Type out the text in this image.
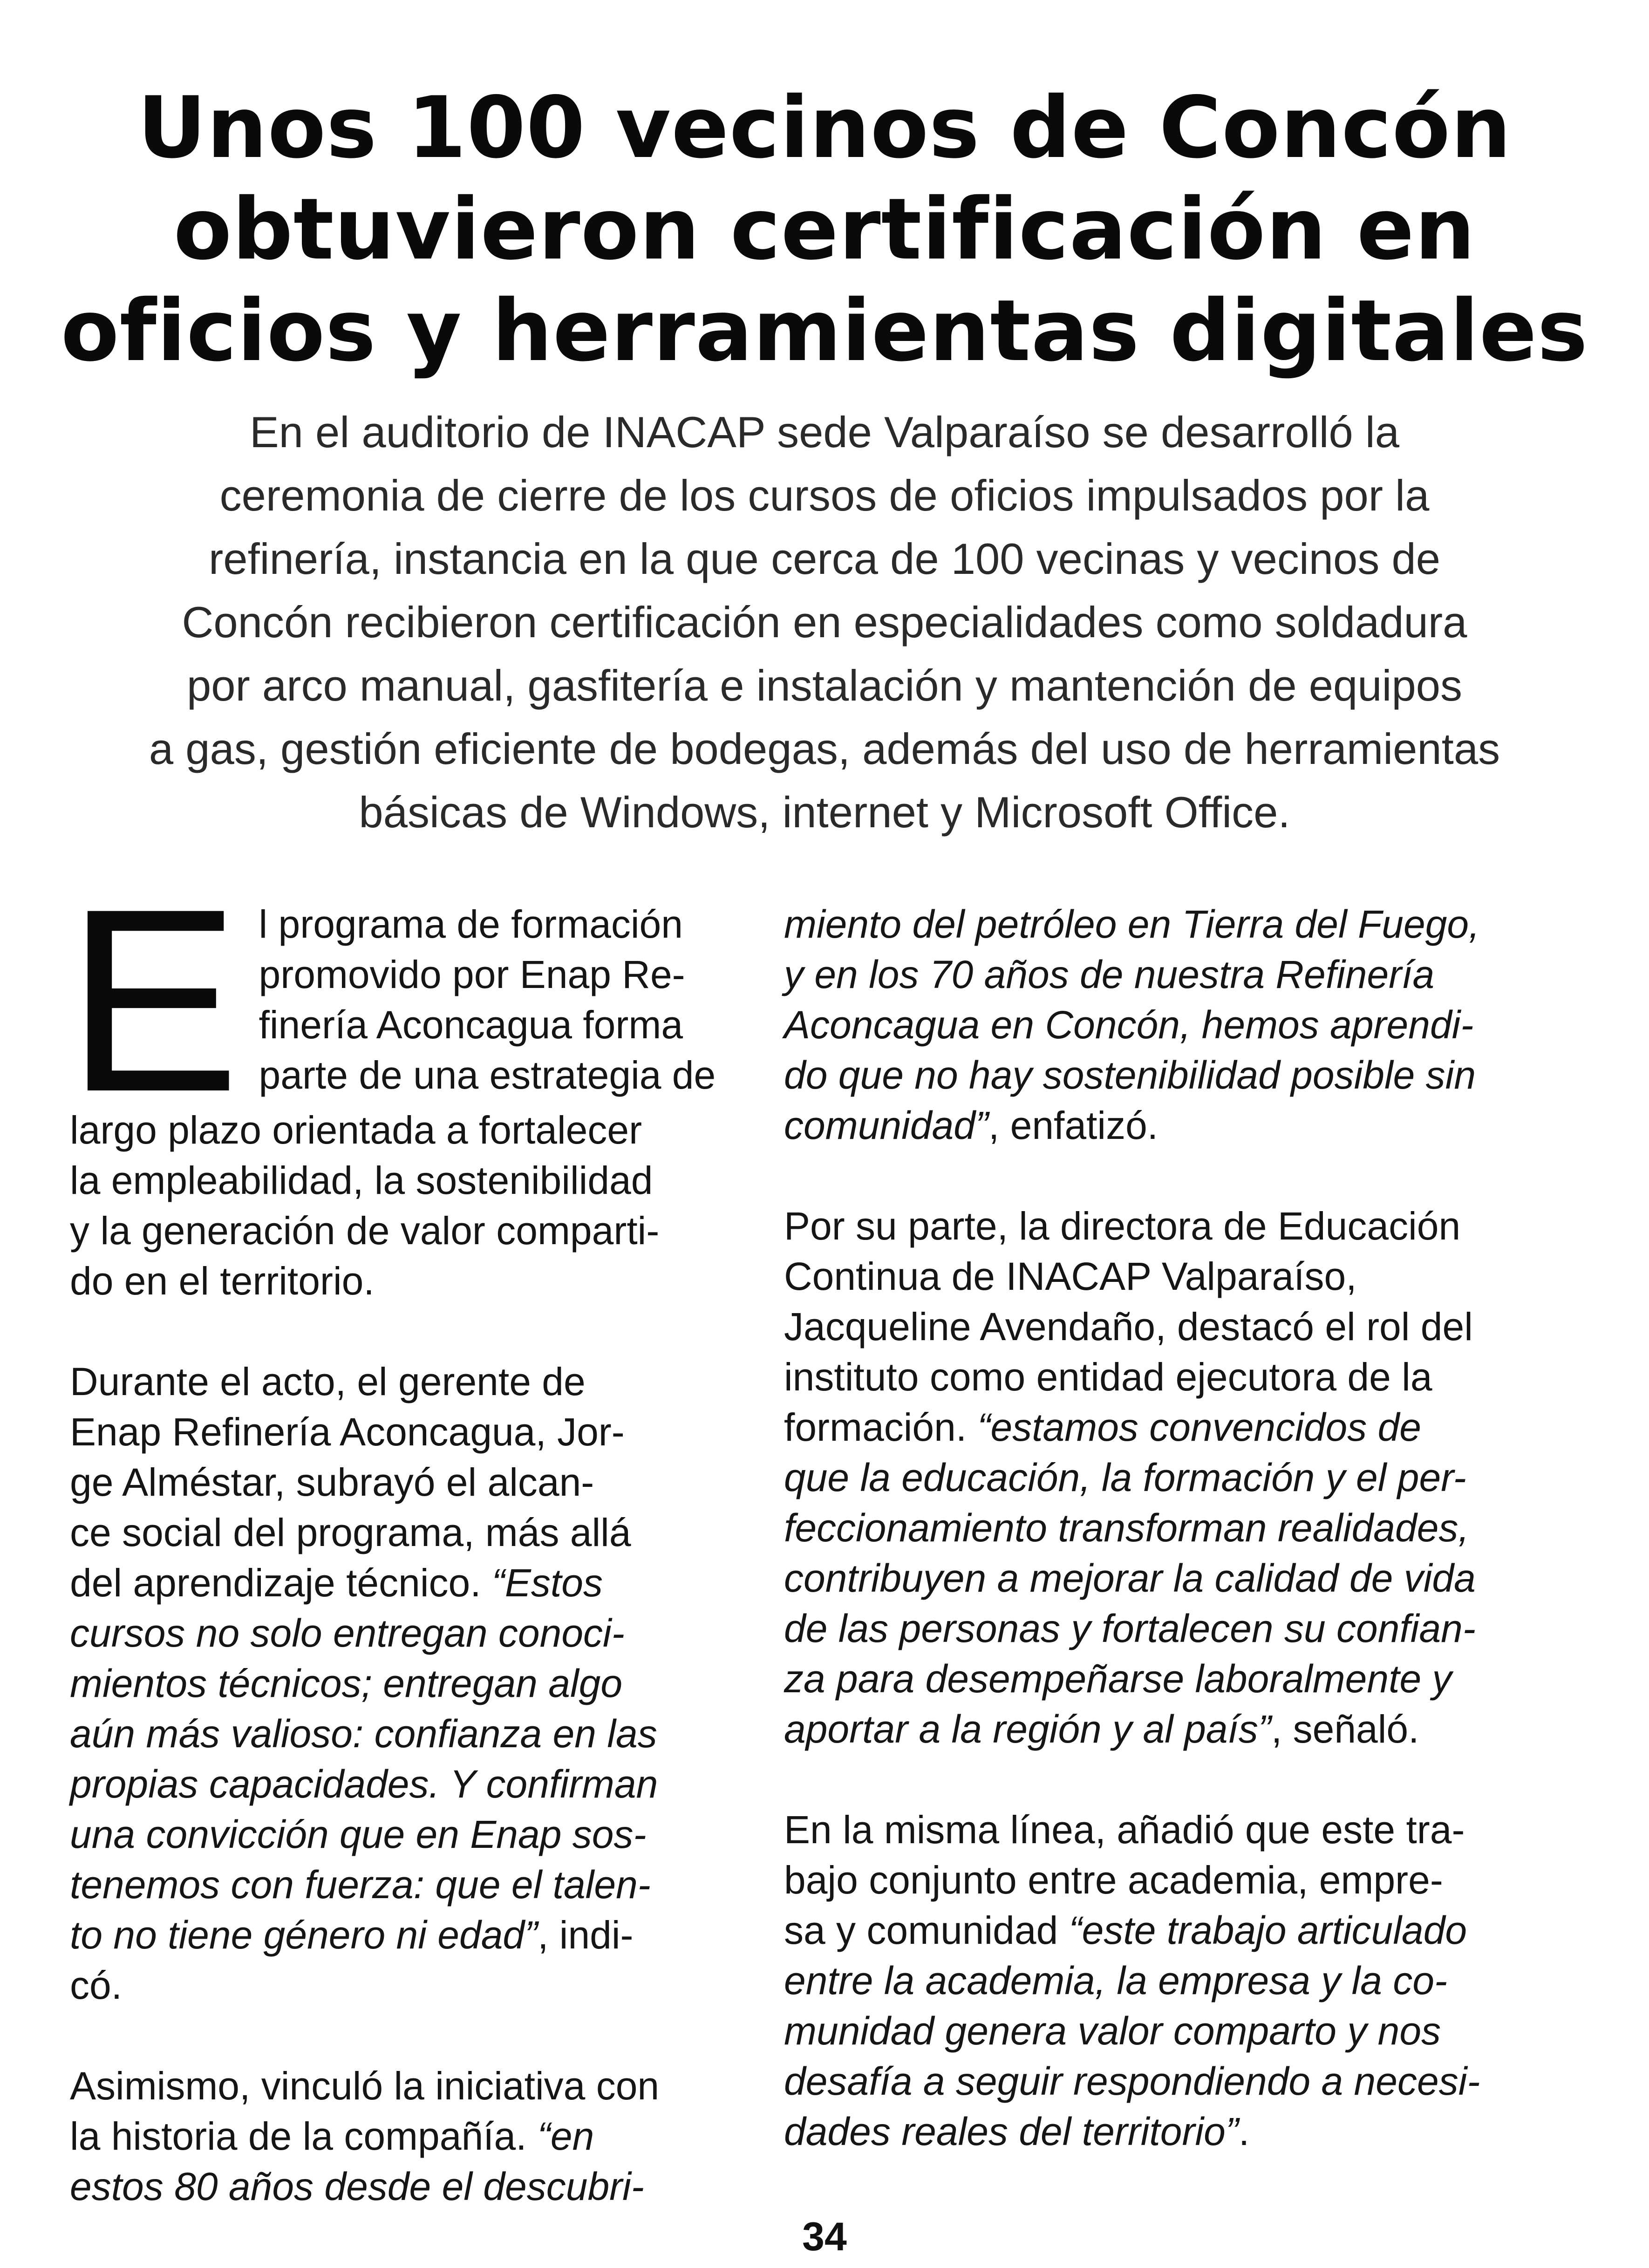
Unos 100 vecinos de Concón
obtuvieron certificación en
oficios y herramientas digitales
En el auditorio de INACAP sede Valparaíso se desarrolló la
ceremonia de cierre de los cursos de oficios impulsados por la
refinería, instancia en la que cerca de 100 vecinas y vecinos de
Concón recibieron certificación en especialidades como soldadura
por arco manual, gasfitería e instalación y mantención de equipos
a gas, gestión eficiente de bodegas, además del uso de herramientas
básicas de Windows, internet y Microsoft Office.

E l programa de formación
promovido por Enap Re-
finería Aconcagua forma
parte de una estrategia de
largo plazo orientada a fortalecer
la empleabilidad, la sostenibilidad
y la generación de valor comparti-
do en el territorio.

Durante el acto, el gerente de
Enap Refinería Aconcagua, Jor-
ge Alméstar, subrayó el alcan-
ce social del programa, más allá
del aprendizaje técnico. “Estos
cursos no solo entregan conoci-
mientos técnicos; entregan algo
aún más valioso: confianza en las
propias capacidades. Y confirman
una convicción que en Enap sos-
tenemos con fuerza: que el talen-
to no tiene género ni edad”, indi-
có.

Asimismo, vinculó la iniciativa con
la historia de la compañía. “en
estos 80 años desde el descubri-

miento del petróleo en Tierra del Fuego,
y en los 70 años de nuestra Refinería
Aconcagua en Concón, hemos aprendi-
do que no hay sostenibilidad posible sin
comunidad”, enfatizó.

Por su parte, la directora de Educación
Continua de INACAP Valparaíso,
Jacqueline Avendaño, destacó el rol del
instituto como entidad ejecutora de la
formación. “estamos convencidos de
que la educación, la formación y el per-
feccionamiento transforman realidades,
contribuyen a mejorar la calidad de vida
de las personas y fortalecen su confian-
za para desempeñarse laboralmente y
aportar a la región y al país”, señaló.

En la misma línea, añadió que este tra-
bajo conjunto entre academia, empre-
sa y comunidad “este trabajo articulado
entre la academia, la empresa y la co-
munidad genera valor comparto y nos
desafía a seguir respondiendo a necesi-
dades reales del territorio”.

34
